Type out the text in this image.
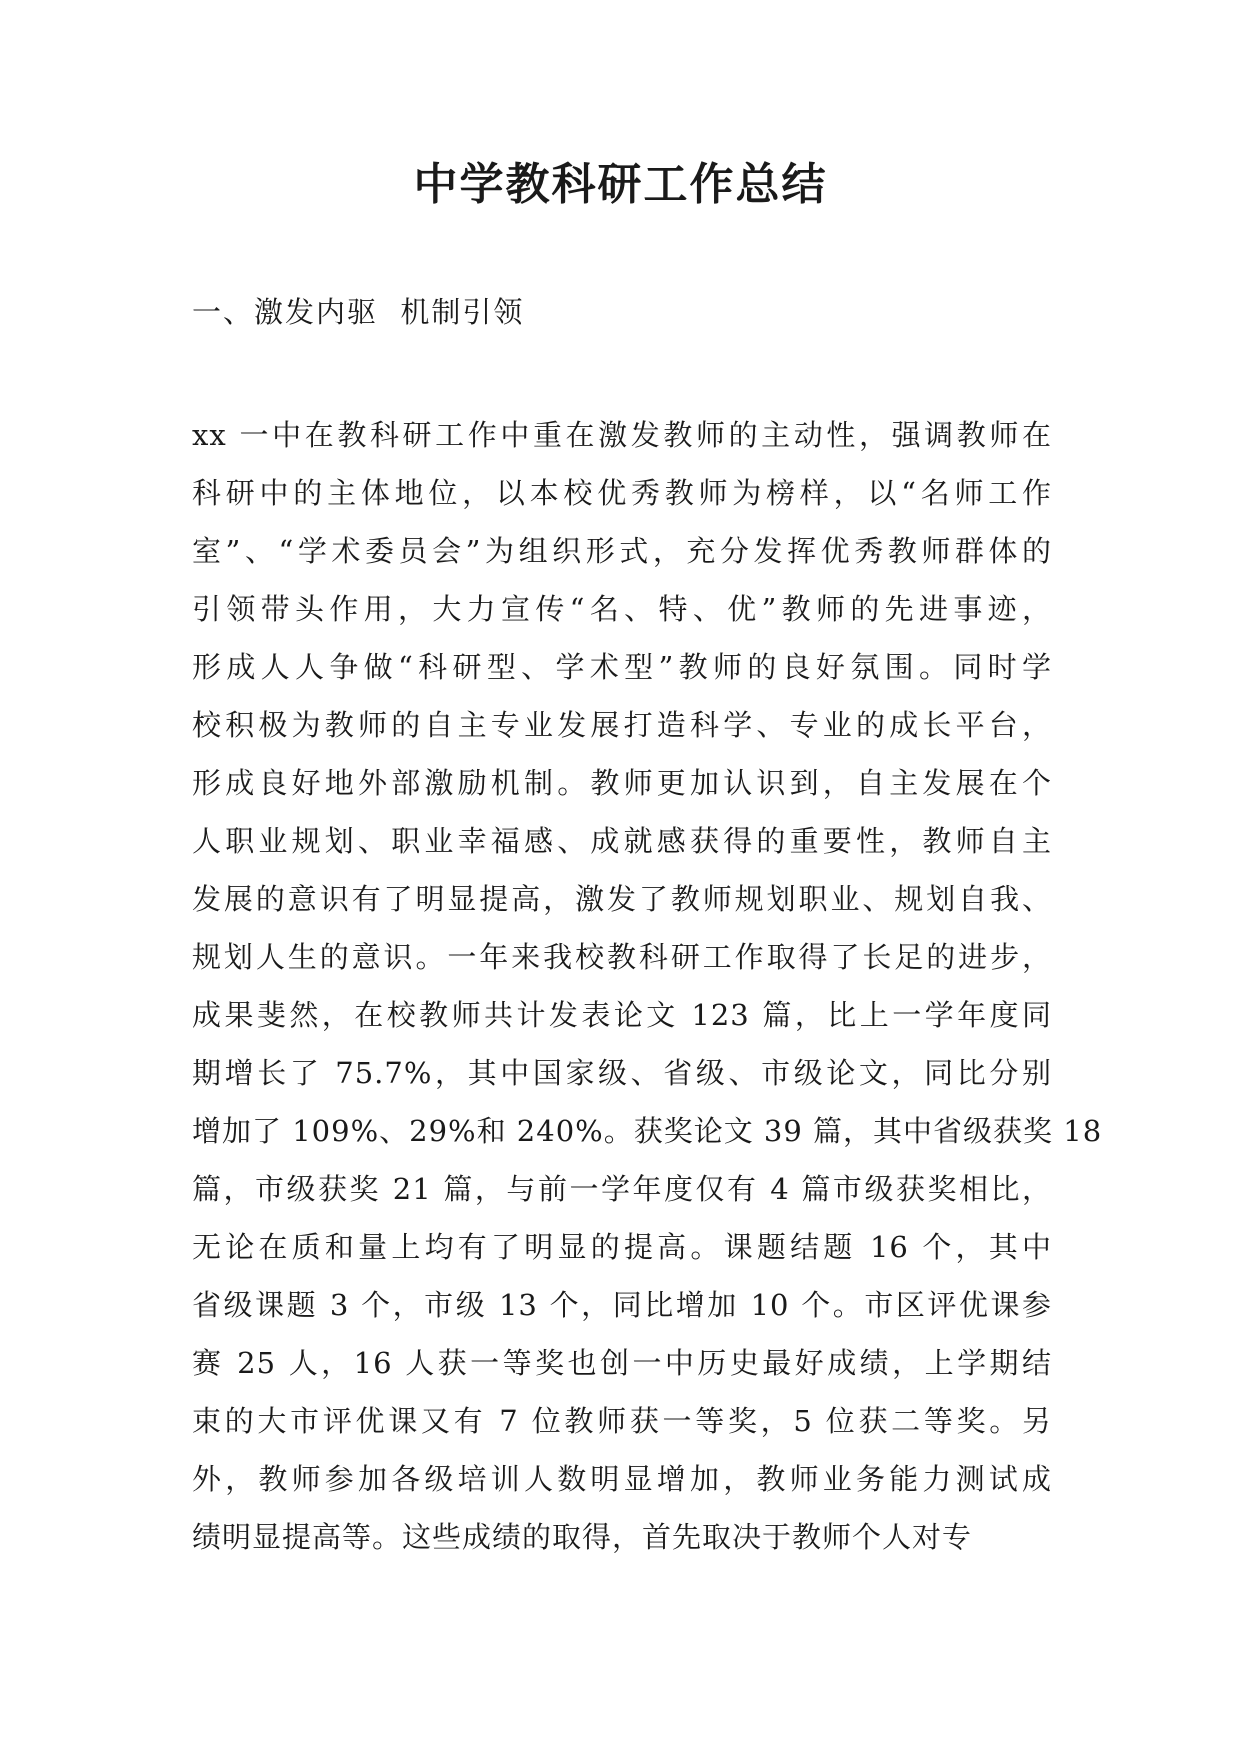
中学教科研工作总结

一、激发内驱  机制引领

xx 一中在教科研工作中重在激发教师的主动性，强调教师在
科研中的主体地位，以本校优秀教师为榜样，以“名师工作
室”、“学术委员会”为组织形式，充分发挥优秀教师群体的
引领带头作用，大力宣传“名、特、优”教师的先进事迹，
形成人人争做“科研型、学术型”教师的良好氛围。同时学
校积极为教师的自主专业发展打造科学、专业的成长平台，
形成良好地外部激励机制。教师更加认识到，自主发展在个
人职业规划、职业幸福感、成就感获得的重要性，教师自主
发展的意识有了明显提高，激发了教师规划职业、规划自我、
规划人生的意识。一年来我校教科研工作取得了长足的进步，
成果斐然，在校教师共计发表论文 123 篇，比上一学年度同
期增长了 75.7%，其中国家级、省级、市级论文，同比分别
增加了 109%、29%和 240%。获奖论文 39 篇，其中省级获奖 18
篇，市级获奖 21 篇，与前一学年度仅有 4 篇市级获奖相比，
无论在质和量上均有了明显的提高。课题结题 16 个，其中
省级课题 3 个，市级 13 个，同比增加 10 个。市区评优课参
赛 25 人，16 人获一等奖也创一中历史最好成绩，上学期结
束的大市评优课又有 7 位教师获一等奖，5 位获二等奖。另
外，教师参加各级培训人数明显增加，教师业务能力测试成
绩明显提高等。这些成绩的取得，首先取决于教师个人对专
